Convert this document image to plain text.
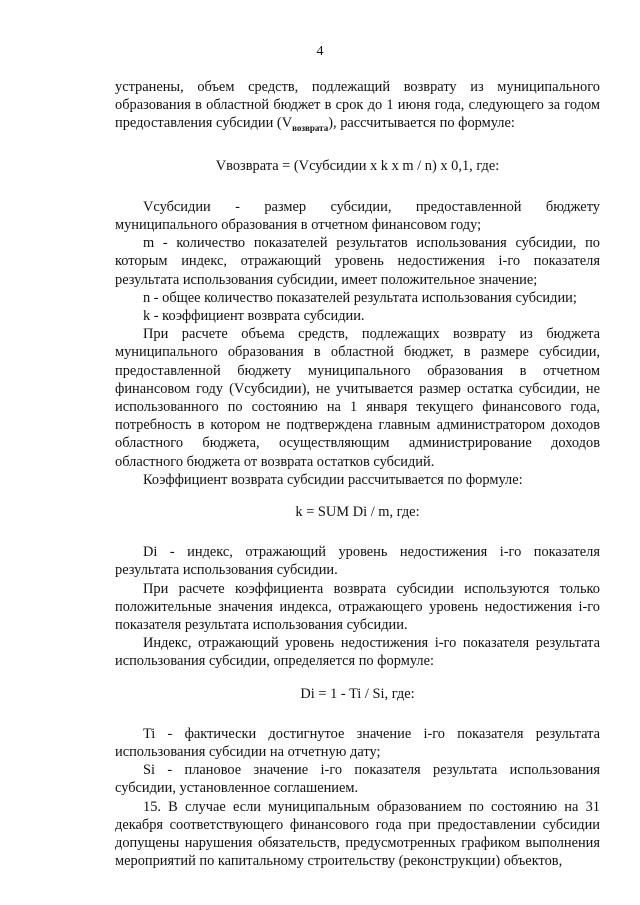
4

устранены, объем средств, подлежащий возврату из муниципального образования в областной бюджет в срок до 1 июня года, следующего за годом предоставления субсидии $(V_{возврата})$, рассчитывается по формуле:

Vвозврата = (Vсубсидии x k x m / n) x 0,1, где:

Vсубсидии - размер субсидии, предоставленной бюджету муниципального образования в отчетном финансовом году;

m - количество показателей результатов использования субсидии, по которым индекс, отражающий уровень недостижения i-го показателя результата использования субсидии, имеет положительное значение;

n - общее количество показателей результата использования субсидии;

k - коэффициент возврата субсидии.

При расчете объема средств, подлежащих возврату из бюджета муниципального образования в областной бюджет, в размере субсидии, предоставленной бюджету муниципального образования в отчетном финансовом году (Vсубсидии), не учитывается размер остатка субсидии, не использованного по состоянию на 1 января текущего финансового года, потребность в котором не подтверждена главным администратором доходов областного бюджета, осуществляющим администрирование доходов областного бюджета от возврата остатков субсидий.

Коэффициент возврата субсидии рассчитывается по формуле:

k = SUM Di / m, где:

Di - индекс, отражающий уровень недостижения i-го показателя результата использования субсидии.

При расчете коэффициента возврата субсидии используются только положительные значения индекса, отражающего уровень недостижения i-го показателя результата использования субсидии.

Индекс, отражающий уровень недостижения i-го показателя результата использования субсидии, определяется по формуле:

Di = 1 - Ti / Si, где:

Ti - фактически достигнутое значение i-го показателя результата использования субсидии на отчетную дату;

Si - плановое значение i-го показателя результата использования субсидии, установленное соглашением.

15. В случае если муниципальным образованием по состоянию на 31 декабря соответствующего финансового года при предоставлении субсидии допущены нарушения обязательств, предусмотренных графиком выполнения мероприятий по капитальному строительству (реконструкции) объектов,
